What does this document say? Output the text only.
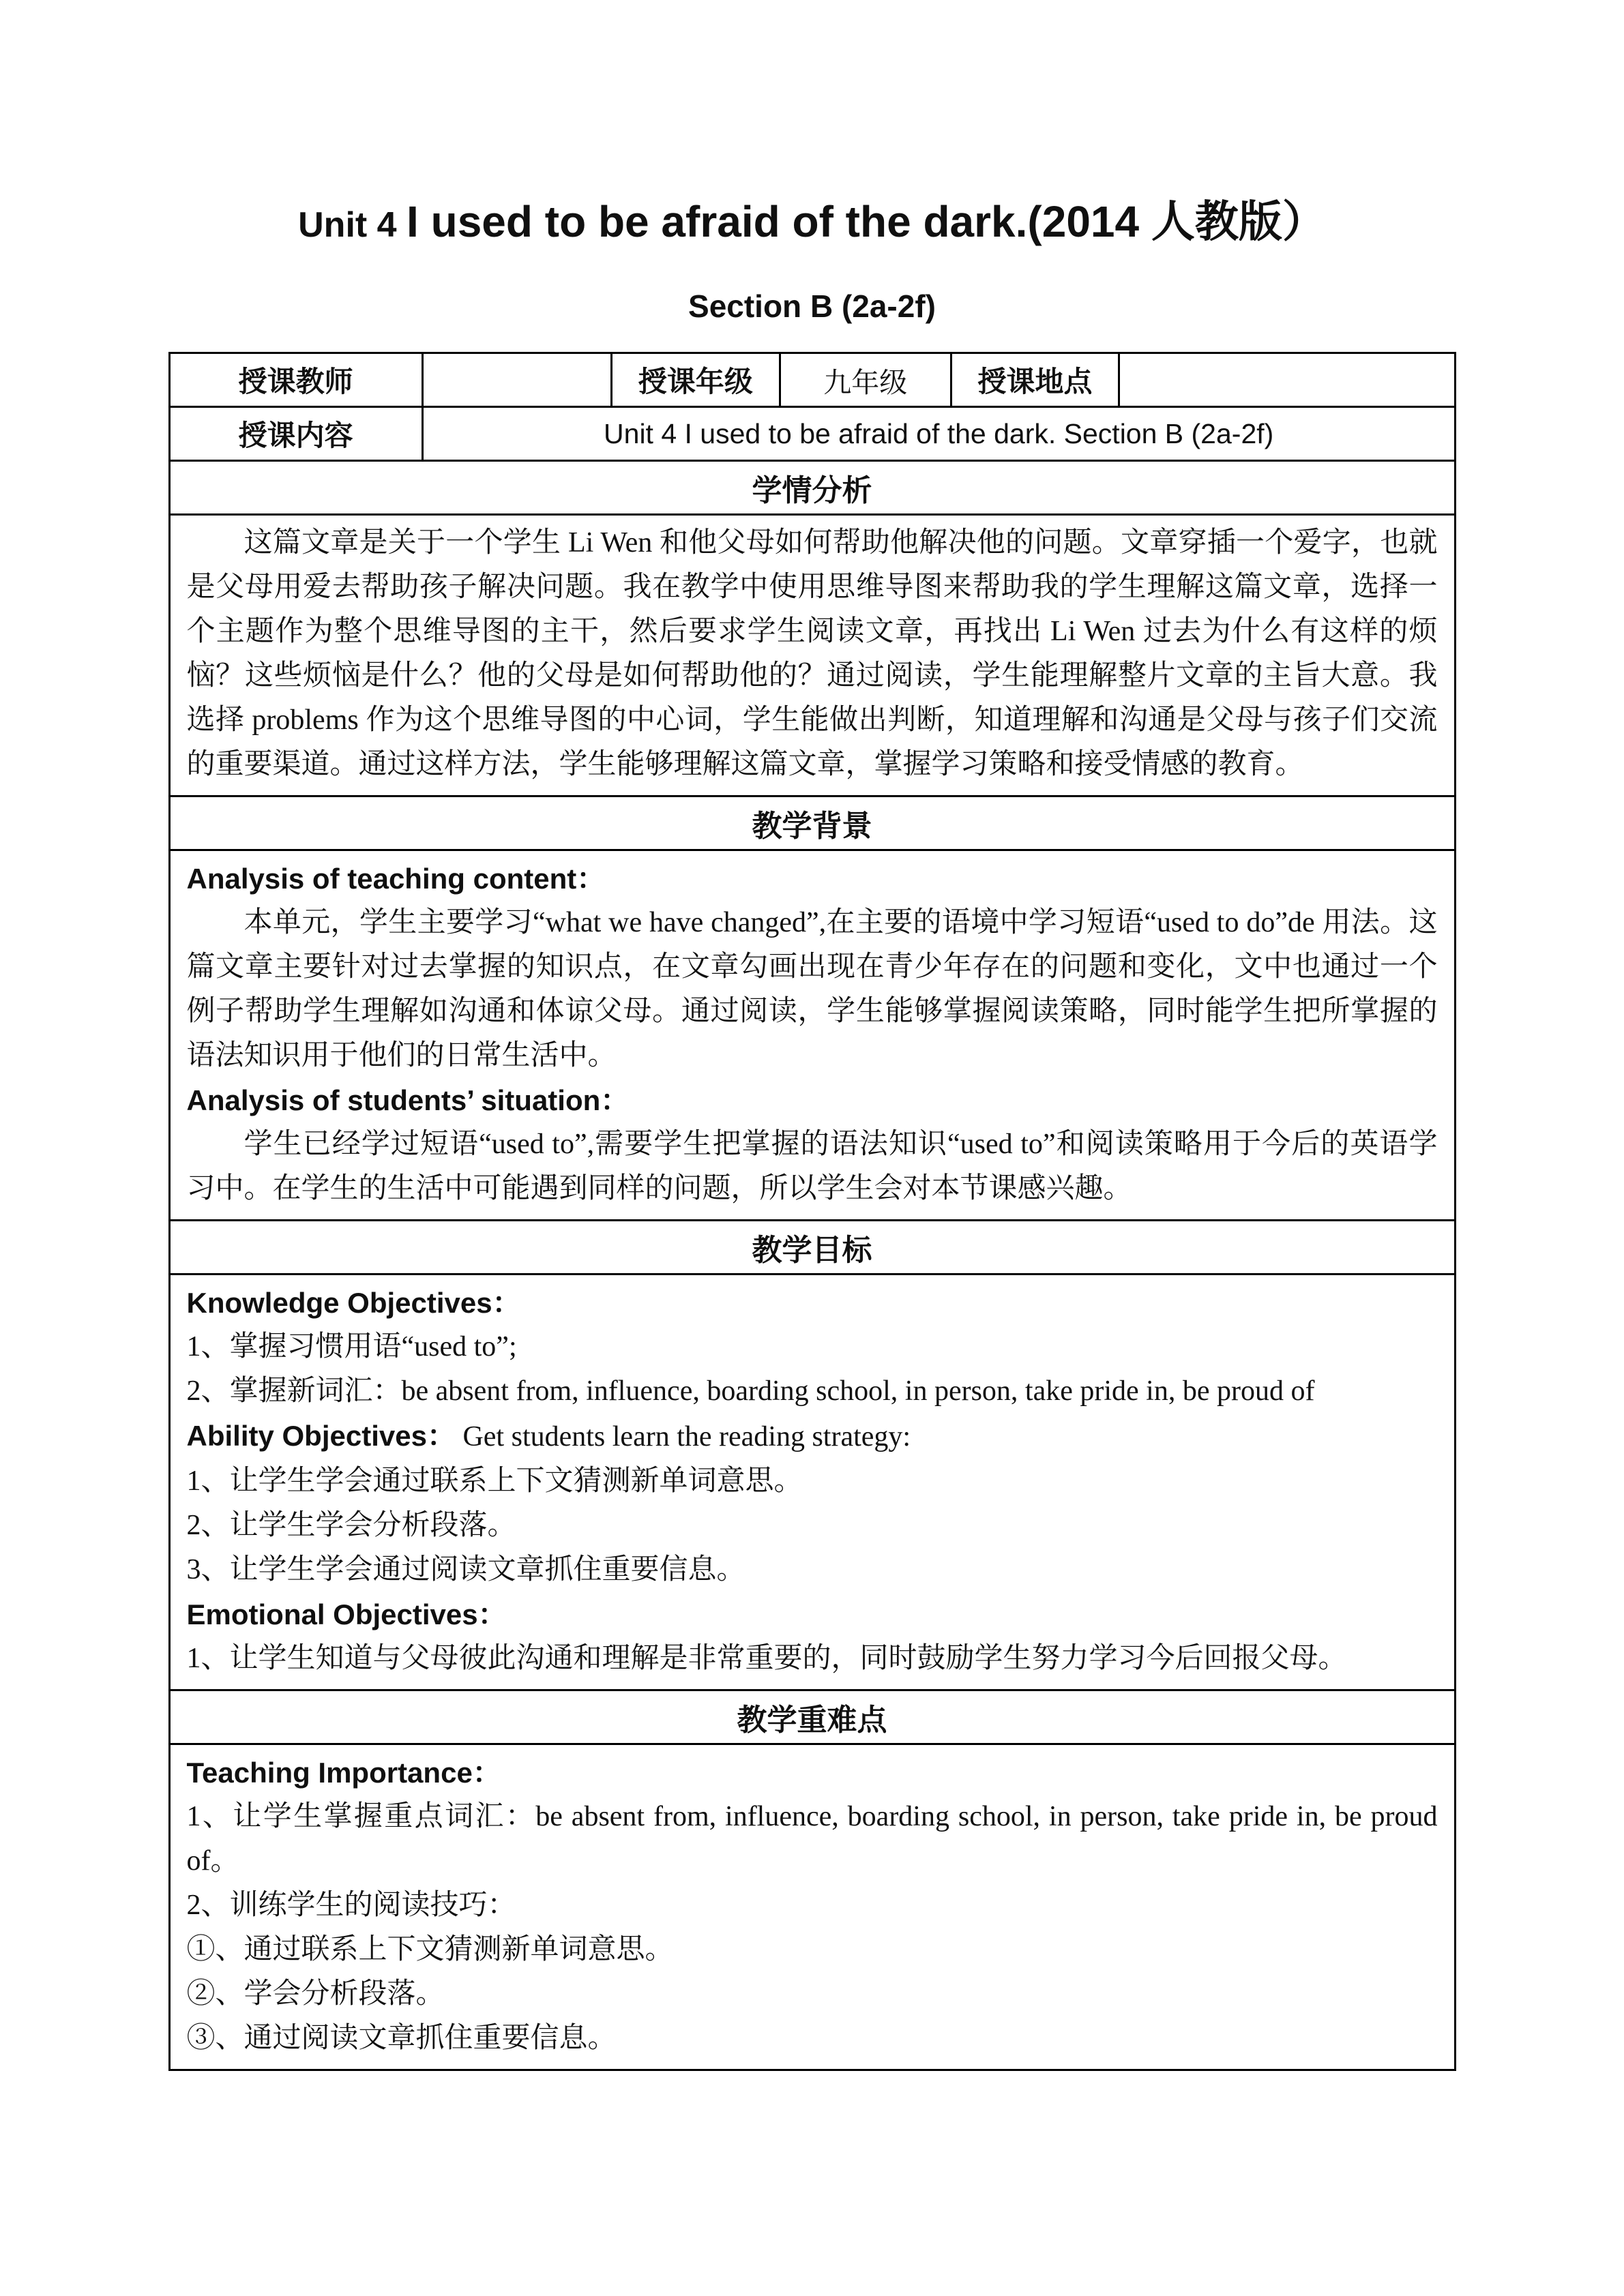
Unit 4 I used to be afraid of the dark.(2014 人教版）
Section B (2a-2f)
授课教师		授课年级	九年级	授课地点	
授课内容	Unit 4 I used to be afraid of the dark. Section B (2a-2f)				
学情分析					

这篇文章是关于一个学生 Li Wen 和他父母如何帮助他解决他的问题。文章穿插一个爱字，也就是父母用爱去帮助孩子解决问题。我在教学中使用思维导图来帮助我的学生理解这篇文章，选择一个主题作为整个思维导图的主干，然后要求学生阅读文章，再找出 Li Wen 过去为什么有这样的烦恼？这些烦恼是什么？他的父母是如何帮助他的？通过阅读，学生能理解整片文章的主旨大意。我选择 problems 作为这个思维导图的中心词，学生能做出判断，知道理解和沟通是父母与孩子们交流的重要渠道。通过这样方法，学生能够理解这篇文章，掌握学习策略和接受情感的教育。					

教学背景					

Analysis of teaching content：

本单元，学生主要学习“what we have changed”,在主要的语境中学习短语“used to do”de 用法。这篇文章主要针对过去掌握的知识点，在文章勾画出现在青少年存在的问题和变化，文中也通过一个例子帮助学生理解如沟通和体谅父母。通过阅读，学生能够掌握阅读策略，同时能学生把所掌握的语法知识用于他们的日常生活中。

Analysis of students’ situation：

学生已经学过短语“used to”,需要学生把掌握的语法知识“used to”和阅读策略用于今后的英语学习中。在学生的生活中可能遇到同样的问题，所以学生会对本节课感兴趣。					

教学目标					

Knowledge Objectives：

1、掌握习惯用语“used to”;

2、掌握新词汇：be absent from, influence, boarding school, in person, take pride in, be proud of

Ability Objectives： Get students learn the reading strategy:

1、让学生学会通过联系上下文猜测新单词意思。

2、让学生学会分析段落。

3、让学生学会通过阅读文章抓住重要信息。

Emotional Objectives：

1、让学生知道与父母彼此沟通和理解是非常重要的，同时鼓励学生努力学习今后回报父母。

教学重难点					

Teaching Importance：

1、让学生掌握重点词汇：be absent from, influence, boarding school, in person, take pride in, be proud of。

2、训练学生的阅读技巧：

①、通过联系上下文猜测新单词意思。

②、学会分析段落。

③、通过阅读文章抓住重要信息。
